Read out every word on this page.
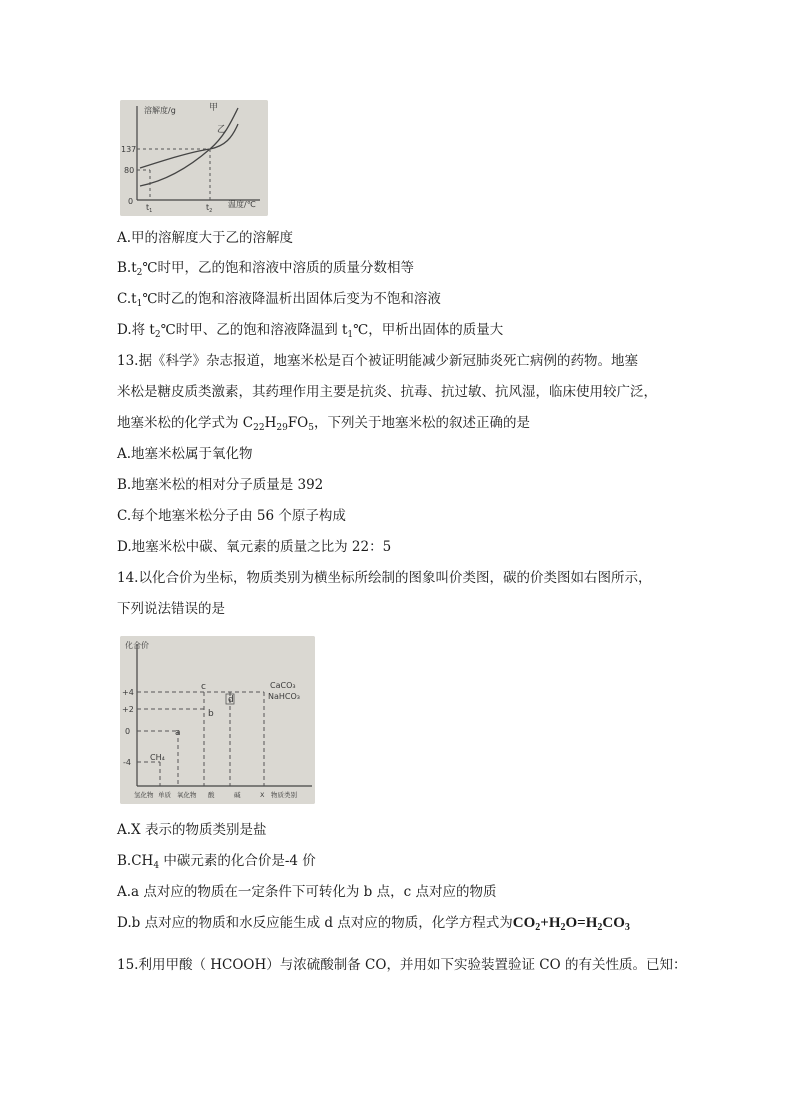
溶解度/g	甲
乙
137
80
0
$t_1$	$t_2$
温度/℃
A.甲的溶解度大于乙的溶解度
$B.t_2℃$时甲，乙的饱和溶液中溶质的质量分数相等
$C.t_1℃$时乙的饱和溶液降温析出固体后变为不饱和溶液
D.将 $t_2℃$时甲、乙的饱和溶液降温到 $t_1℃$，甲析出固体的质量大
13.据《科学》杂志报道，地塞米松是百个被证明能减少新冠肺炎死亡病例的药物。地塞
米松是糖皮质类激素，其药理作用主要是抗炎、抗毒、抗过敏、抗风湿，临床使用较广泛，
地塞米松的化学式为 $C_{22}H_{29}FO_5$，下列关于地塞米松的叙述正确的是
A.地塞米松属于氧化物
B.地塞米松的相对分子质量是 392
C.每个地塞米松分子由 56 个原子构成
D.地塞米松中碳、氧元素的质量之比为 22：5
14.以化合价为坐标，物质类别为横坐标所绘制的图象叫价类图，碳的价类图如右图所示，
下列说法错误的是
化合价
+4
+2
0
-4
c
d
b
a
CaCO₃
NaHCO₃
CH₄
氢化物 单质 氧化物 酸	碱	X 物质类别
A.X 表示的物质类别是盐
$B.CH_4$ 中碳元素的化合价是-4 价
A.a 点对应的物质在一定条件下可转化为 b 点，c 点对应的物质
D.b 点对应的物质和水反应能生成 d 点对应的物质，化学方程式为$CO_2+H_2O=H_2CO_3$
15.利用甲酸（ HCOOH）与浓硫酸制备 CO，并用如下实验装置验证 CO 的有关性质。已知：
